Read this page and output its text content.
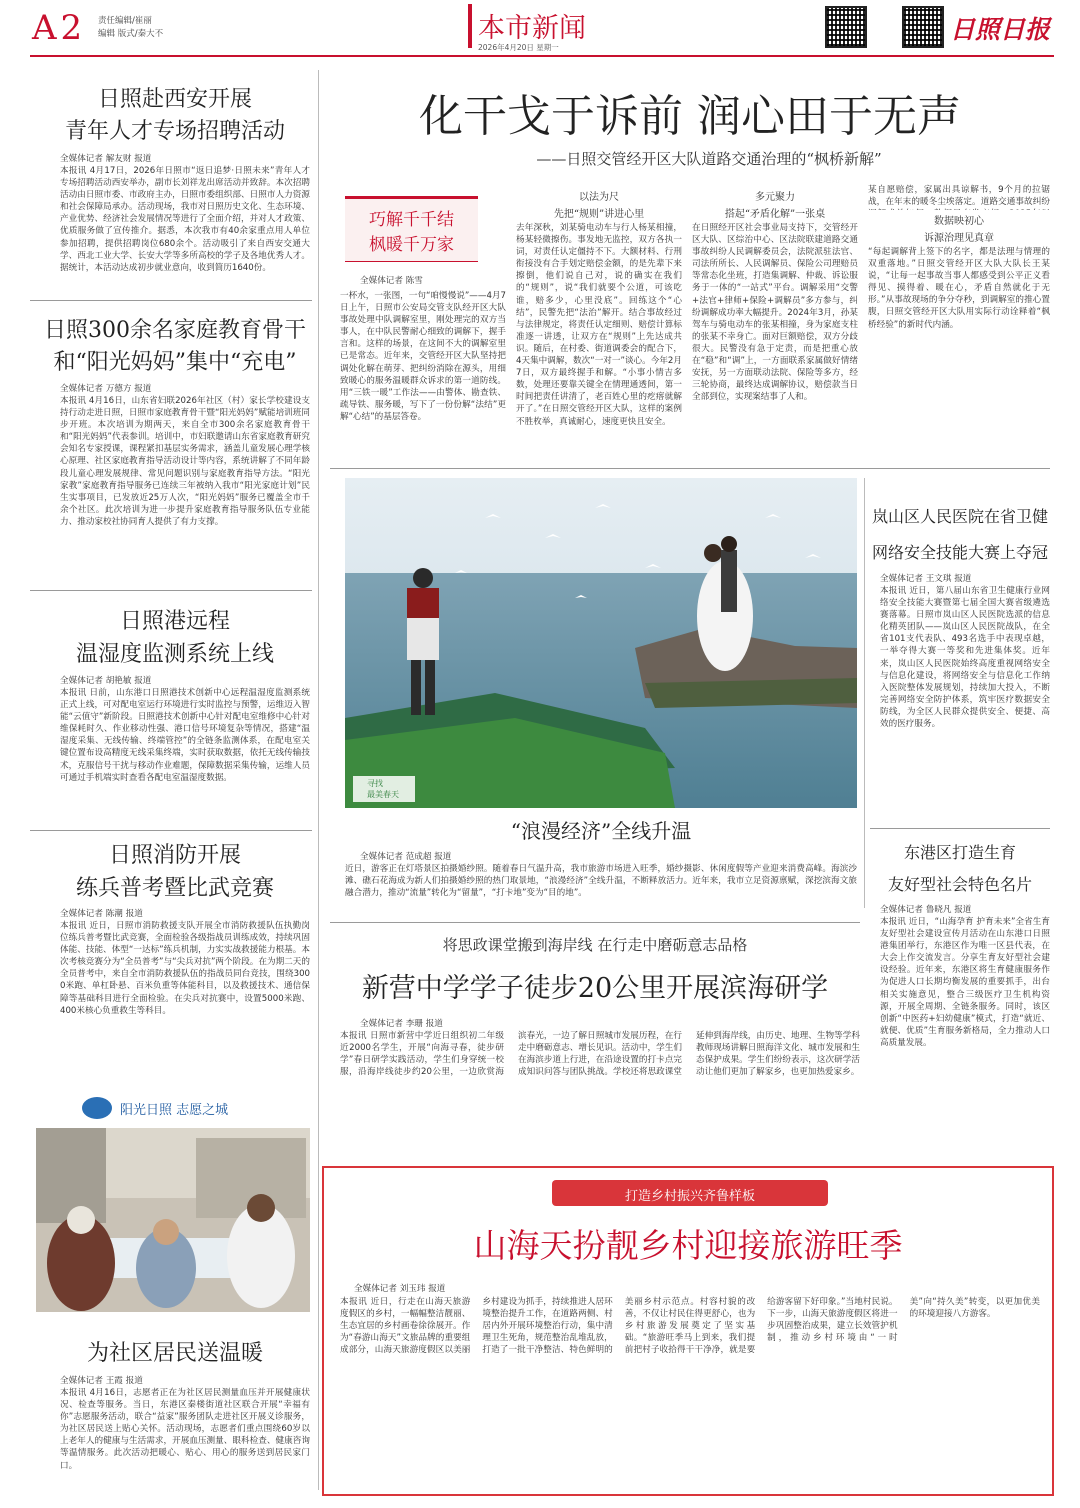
A2 责任编辑/崔丽
编辑 版式/秦大不	本市新闻
2026年4月20日 星期一
日照日报
日照赴西安开展
青年人才专场招聘活动
全媒体记者 解友财 报道
本报讯 4月17日，2026年日照市“返日追梦·日照未来”青年人才专场招聘活动西安举办，副市长刘祥龙出席活动并致辞。本次招聘活动由日照市委、市政府主办，日照市委组织部、日照市人力资源和社会保障局承办。活动现场，我市对日照历史文化、生态环境、产业优势、经济社会发展情况等进行了全面介绍，并对人才政策、优质服务做了宣传推介。据悉，本次我市有40余家重点用人单位参加招聘，提供招聘岗位680余个。活动吸引了来自西安交通大学、西北工业大学、长安大学等多所高校的学子及各地优秀人才。据统计，本活动达成初步就业意向，收到简历1640份。
日照300余名家庭教育骨干
和“阳光妈妈”集中“充电”
全媒体记者 万德方 报道
本报讯 4月16日，山东省妇联2026年社区（村）家长学校建设支持行动走进日照，日照市家庭教育骨干暨“阳光妈妈”赋能培训班同步开班。本次培训为期两天，来自全市300余名家庭教育骨干和“阳光妈妈”代表参训。培训中，市妇联邀请山东省家庭教育研究会知名专家授课，课程紧扣基层实务需求，涵盖儿童发展心理学核心原理、社区家庭教育指导活动设计等内容，系统讲解了不同年龄段儿童心理发展规律、常见问题识别与家庭教育指导方法。“阳光家教”家庭教育指导服务已连续三年被纳入我市“阳光家庭计划”民生实事项目，已发放近25万人次，“阳光妈妈”服务已覆盖全市千余个社区。此次培训为进一步提升家庭教育指导服务队伍专业能力、推动家校社协同育人提供了有力支撑。
日照港远程
温湿度监测系统上线
全媒体记者 胡艳敏 报道
本报讯 日前，山东港口日照港技术创新中心远程温湿度监测系统正式上线，可对配电室运行环境进行实时监控与预警，运维迈入智能“云值守”新阶段。日照港技术创新中心针对配电室维修中心针对维保耗时久、作业移动性强、港口信号环境复杂等情况，搭建“温湿度采集、无线传输、终端管控”的全链条监测体系，在配电室关键位置布设高精度无线采集终端，实时获取数据，依托无线传输技术，克服信号干扰与移动作业难题，保障数据采集传输，运维人员可通过手机端实时查看各配电室温湿度数据。
日照消防开展
练兵普考暨比武竞赛
全媒体记者 陈潮 报道
本报讯 近日，日照市消防救援支队开展全市消防救援队伍执勤岗位练兵普考暨比武竞赛，全面检验各级指战员训练成效，持续巩固体能、技能、体型“一达标”练兵机制，力实实战救援能力根基。本次考核竞赛分为“全员普考”与“尖兵对抗”两个阶段。在为期二天的全员普考中，来自全市消防救援队伍的指战员同台竞技，围绕3000米跑、单杠卧悬、百米负重等体能科目，以及救援技术、通信保障等基础科目进行全面检验。在尖兵对抗赛中，设置5000米跑、400米核心负重救生等科目。
阳光日照 志愿之城
为社区居民送温暖
全媒体记者 王霞 报道
本报讯 4月16日，志愿者正在为社区居民测量血压并开展健康状况、检查等服务。当日，东港区秦楼街道社区联合开展“幸福有你”志愿服务活动，联合“益家”服务团队走进社区开展义诊服务，为社区居民送上贴心关怀。活动现场，志愿者们重点围绕60岁以上老年人的健康与生活需求，开展血压测量、眼科检查、健康咨询等温情服务。此次活动把暖心、贴心、用心的服务送到居民家门口。
化干戈于诉前 润心田于无声
——日照交管经开区大队道路交通治理的“枫桥新解”
巧解千千结
枫暖千万家
全媒体记者 陈雪
一杯水，一张图，一句“咱慢慢说”——4月7日上午，日照市公安局交管支队经开区大队事故处理中队调解室里，刚处理完的双方当事人，在中队民警耐心细致的调解下，握手言和。这样的场景，在这间不大的调解室里已是常态。近年来，交管经开区大队坚持把调处化解在萌芽、把纠纷消除在源头，用细致暖心的服务温暖群众诉求的第一道防线。用“三铁一暖”工作法——由警体、勘查铁、疏导铁、服务暖，写下了一份份解“法结”更解“心结”的基层答卷。
以法为尺
先把“规则”讲进心里
去年深秋，刘某骑电动车与行人杨某相撞，杨某轻微擦伤。事发地无监控，双方各执一词，对责任认定僵持不下。大额材料、行刑衔接没有合手划定赔偿金额，的是先辈下来擦倒，他们说自己对，说的确实在我们的“规则”，说“我们就要个公道，可该吃谁，赔多少，心里没底”。回练这个“心结”，民警先把“法治”解开。结合事故经过与法律规定，将责任认定细则、赔偿计算标准逐一讲透，让双方在“规则”上先达成共识。随后，在村委、街道调委会的配合下，4天集中调解，数次“一对一”谈心。今年2月7日，双方最终握手和解。“小事小情吉多数，处理还要靠关键全在情理通透间，第一时间把责任讲清了，老百姓心里的疙瘩就解开了。”在日照交管经开区大队，这样的案例不胜枚举，真诚耐心，速度更快且安全。
多元聚力
搭起“矛盾化解”一张桌
在日照经开区社会事业局支持下，交管经开区大队、区综治中心、区法院联建道路交通事故纠纷人民调解委员会，法院派驻法官、司法所所长、人民调解员、保险公司理赔员等常态化坐班，打造集调解、仲裁、诉讼服务于一体的“一站式”平台。调解采用“交警+法官+律师+保险+调解员”多方参与，纠纷调解成功率大幅提升。2024年3月，孙某驾车与骑电动车的张某相撞，身为家庭支柱的张某不幸身亡。面对巨额赔偿，双方分歧很大。民警没有急于定责，而是把重心放在“稳”和“调”上，一方面联系家属做好情绪安抚，另一方面联动法院、保险等多方，经三轮协商，最终达成调解协议，赔偿款当日全部到位，实现案结事了人和。
某自愿赔偿，家属出具谅解书，9个月的拉锯战，在年末的暖冬尘埃落定。道路交通事故纠纷
数据映初心
诉源治理见真章
“每起调解背上签下的名字，都是法理与情理的双重落地。”日照交管经开区大队大队长王某说，“让每一起事故当事人都感受到公平正义看得见、摸得着、暖在心，矛盾自然就化于无形。”从事故现场的争分夺秒，到调解室的推心置腹，日照交管经开区大队用实际行动诠释着“枫桥经验”的新时代内涵。
寻找
最美春天
“浪漫经济”全线升温
全媒体记者 范成超 报道
近日，游客正在灯塔景区拍摄婚纱照。随着春日气温升高，我市旅游市场进入旺季，婚纱摄影、休闲度假等产业迎来消费高峰。海滨沙滩、礁石花海成为新人们拍摄婚纱照的热门取景地，“浪漫经济”全线升温，不断释放活力。近年来，我市立足资源禀赋，深挖滨海文旅融合潜力，推动“流量”转化为“留量”，“打卡地”变为“目的地”。
岚山区人民医院在省卫健
网络安全技能大赛上夺冠
全媒体记者 王文琪 报道
本报讯 近日，第八届山东省卫生健康行业网络安全技能大赛暨第七届全国大赛省级遴选赛落幕。日照市岚山区人民医院选派的信息化精英团队——岚山区人民医院战队，在全省101支代表队、493名选手中表现卓越，一举夺得大赛一等奖和先进集体奖。近年来，岚山区人民医院始终高度重视网络安全与信息化建设，将网络安全与信息化工作纳入医院整体发展规划，持续加大投入，不断完善网络安全防护体系，筑牢医疗数据安全防线，为全区人民群众提供安全、便捷、高效的医疗服务。
东港区打造生育
友好型社会特色名片
全媒体记者 鲁晓凡 报道
本报讯 近日，“山海孕育 护育未来”全省生育友好型社会建设宣传月活动在山东港口日照港集团举行，东港区作为唯一区县代表，在大会上作交流发言。分享生育友好型社会建设经验。近年来，东港区将生育健康服务作为促进人口长期均衡发展的重要抓手，出台相关实施意见，整合三级医疗卫生机构资源，开展全周期、全链条服务。同时，该区创新“中医药+妇幼健康”模式，打造“就近、就便、优质”生育服务新格局，全力推动人口高质量发展。
将思政课堂搬到海岸线 在行走中磨砺意志品格
新营中学学子徒步20公里开展滨海研学
全媒体记者 李珊 报道
本报讯 日照市新营中学近日组织初二年级近2000名学生，开展“向海寻春，徒步研学”春日研学实践活动，学生们身穿统一校服，沿海岸线徒步约20公里，一边欣赏海滨春光，一边了解日照城市发展历程，在行走中磨砺意志、增长见识。活动中，学生们在海滨步道上行进，在沿途设置的打卡点完成知识问答与团队挑战。学校还将思政课堂延伸到海岸线，由历史、地理、生物等学科教师现场讲解日照海洋文化、城市发展和生态保护成果。学生们纷纷表示，这次研学活动让他们更加了解家乡，也更加热爱家乡。
打造乡村振兴齐鲁样板
山海天扮靓乡村迎接旅游旺季
全媒体记者 刘玉玮 报道
本报讯 近日，行走在山海天旅游度假区的乡村，一幅幅整洁靓丽、生态宜居的乡村画卷徐徐展开。作为“春游山海天”文旅品牌的重要组成部分，山海天旅游度假区以美丽乡村建设为抓手，持续推进人居环境整治提升工作，在道路两侧、村居内外开展环境整治行动，集中清理卫生死角，规范整治乱堆乱放，打造了一批干净整洁、特色鲜明的美丽乡村示范点。村容村貌的改善，不仅让村民住得更舒心，也为乡村旅游发展奠定了坚实基础。“旅游旺季马上到来，我们提前把村子收拾得干干净净，就是要给游客留下好印象。”当地村民说。下一步，山海天旅游度假区将进一步巩固整治成果，建立长效管护机制，推动乡村环境由“一时美”向“持久美”转变，以更加优美的环境迎接八方游客。
